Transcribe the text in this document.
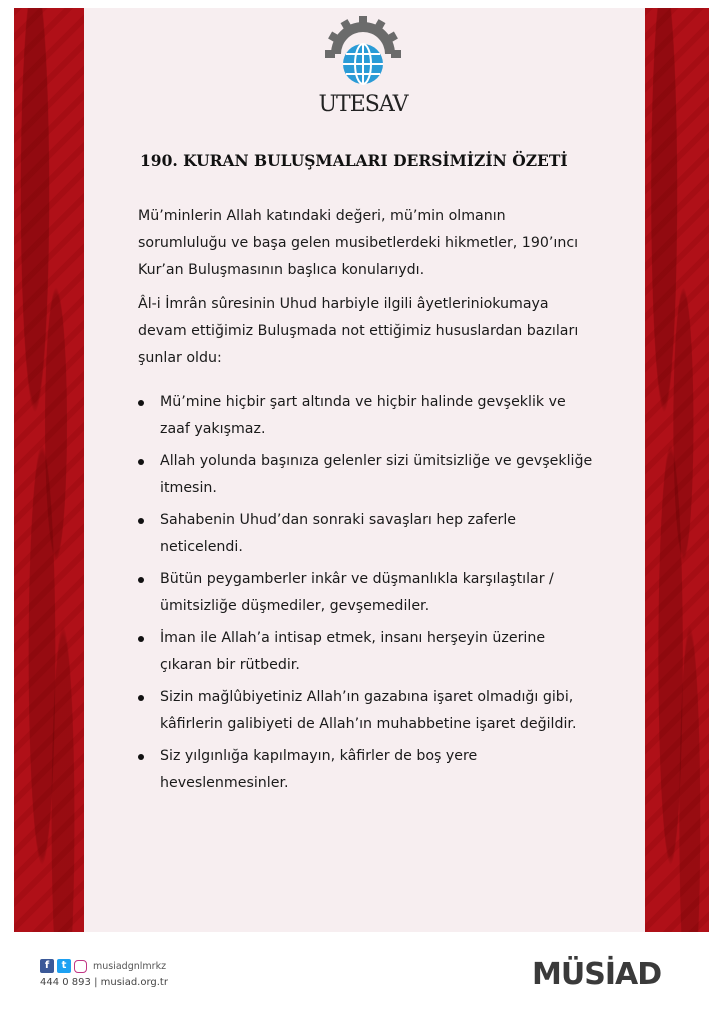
UTESAV
190. KURAN BULUŞMALARI DERSİMİZİN ÖZETİ

Mü’minlerin Allah katındaki değeri, mü’min olmanın sorumluluğu ve başa gelen musibetlerdeki hikmetler, 190’ıncı Kur’an Buluşmasının başlıca konularıydı.

Âl-i İmrân sûresinin Uhud harbiyle ilgili âyetleriniokumaya devam ettiğimiz Buluşmada not ettiğimiz hususlardan bazıları şunlar oldu:

Mü’mine hiçbir şart altında ve hiçbir halinde gevşeklik ve zaaf yakışmaz.
Allah yolunda başınıza gelenler sizi ümitsizliğe ve gevşekliğe itmesin.
Sahabenin Uhud’dan sonraki savaşları hep zaferle neticelendi.
Bütün peygamberler inkâr ve düşmanlıkla karşılaştılar / ümitsizliğe düşmediler, gevşemediler.
İman ile Allah’a intisap etmek, insanı herşeyin üzerine çıkaran bir rütbedir.
Sizin mağlûbiyetiniz Allah’ın gazabına işaret olmadığı gibi, kâfirlerin galibiyeti de Allah’ın muhabbetine işaret değildir.
Siz yılgınlığa kapılmayın, kâfirler de boş yere heveslenmesinler.
f	t	musiadgnlmrkz
444 0 893 | musiad.org.tr	MÜSİAD
